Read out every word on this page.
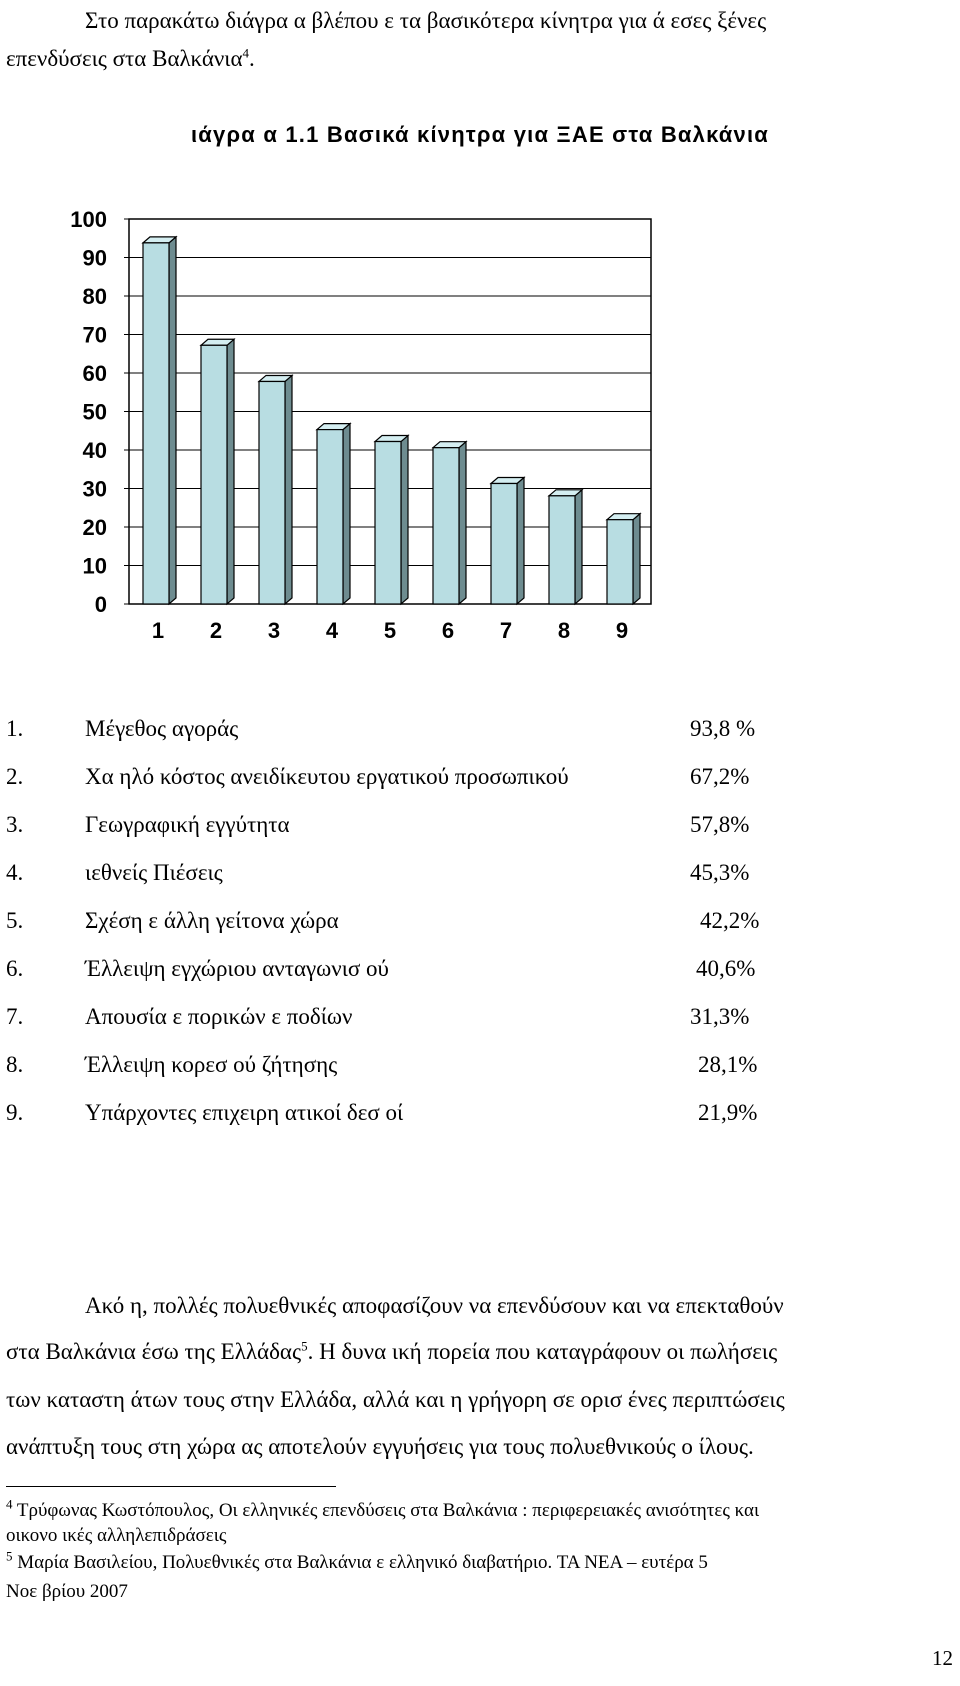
Στο παρακάτω διάγρα α βλέπου ε τα βασικότερα κίνητρα για ά εσες ξένες
επενδύσεις στα Βαλκάνια$^4$.
ιάγρα α 1.1 Βασικά κίνητρα για ΞΑΕ στα Βαλκάνια
0
10
20
30
40
50
60
70
80
90
100
1 2 3 4 5 6 7 8 9
1.	Μέγεθος αγοράς	93,8 %
2.	Χα ηλό κόστος ανειδίκευτου εργατικού προσωπικού	67,2%
3.	Γεωγραφική εγγύτητα	57,8%
4.	ιεθνείς Πιέσεις	45,3%
5.	Σχέση ε άλλη γείτονα χώρα	42,2%
6.	Έλλειψη εγχώριου ανταγωνισ ού	40,6%
7.	Απουσία ε πορικών ε ποδίων	31,3%
8.	Έλλειψη κορεσ ού ζήτησης	28,1%
9.	Υπάρχοντες επιχειρη ατικοί δεσ οί	21,9%
Ακό η, πολλές πολυεθνικές αποφασίζουν να επενδύσουν και να επεκταθούν
στα Βαλκάνια έσω της Ελλάδας$^5$. Η δυνα ική πορεία που καταγράφουν οι πωλήσεις
των καταστη άτων τους στην Ελλάδα, αλλά και η γρήγορη σε ορισ ένες περιπτώσεις
ανάπτυξη τους στη χώρα ας αποτελούν εγγυήσεις για τους πολυεθνικούς ο ίλους.
$^4$ Τρύφωνας Κωστόπουλος, Οι ελληνικές επενδύσεις στα Βαλκάνια : περιφερειακές ανισότητες και
οικονο ικές αλληλεπιδράσεις
$^5$ Μαρία Βασιλείου, Πολυεθνικές στα Βαλκάνια ε ελληνικό διαβατήριο. ΤΑ ΝΕΑ – ευτέρα 5
Νοε βρίου 2007
12
